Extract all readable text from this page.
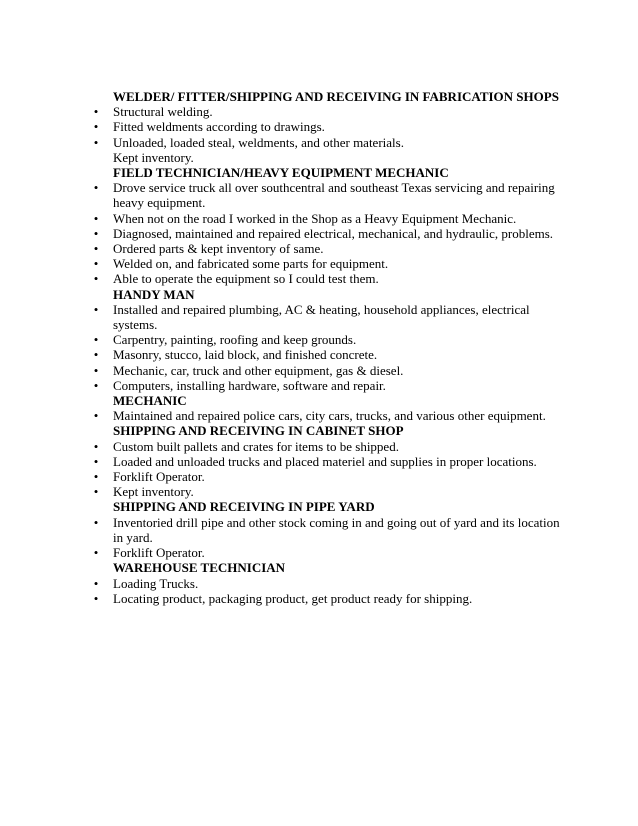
WELDER/ FITTER/SHIPPING AND RECEIVING IN FABRICATION SHOPS
•
Structural welding.
•
Fitted weldments according to drawings.
•
Unloaded, loaded steal, weldments, and other materials.
Kept inventory.
FIELD TECHNICIAN/HEAVY EQUIPMENT MECHANIC
•
Drove service truck all over southcentral and southeast Texas servicing and repairing heavy equipment.
•
When not on the road I worked in the Shop as a Heavy Equipment Mechanic.
•
Diagnosed, maintained and repaired electrical, mechanical, and hydraulic, problems.
•
Ordered parts & kept inventory of same.
•
Welded on, and fabricated some parts for equipment.
•
Able to operate the equipment so I could test them.
HANDY MAN
•
Installed and repaired plumbing, AC & heating, household appliances, electrical systems.
•
Carpentry, painting, roofing and keep grounds.
•
Masonry, stucco, laid block, and finished concrete.
•
Mechanic, car, truck and other equipment, gas & diesel.
•
Computers, installing hardware, software and repair.
MECHANIC
•
Maintained and repaired police cars, city cars, trucks, and various other equipment.
SHIPPING AND RECEIVING IN CABINET SHOP
•
Custom built pallets and crates for items to be shipped.
•
Loaded and unloaded trucks and placed materiel and supplies in proper locations.
•
Forklift Operator.
•
Kept inventory.
SHIPPING AND RECEIVING IN PIPE YARD
•
Inventoried drill pipe and other stock coming in and going out of yard and its location in yard.
•
Forklift Operator.
WAREHOUSE TECHNICIAN
•
Loading Trucks.
•
Locating product, packaging product, get product ready for shipping.
